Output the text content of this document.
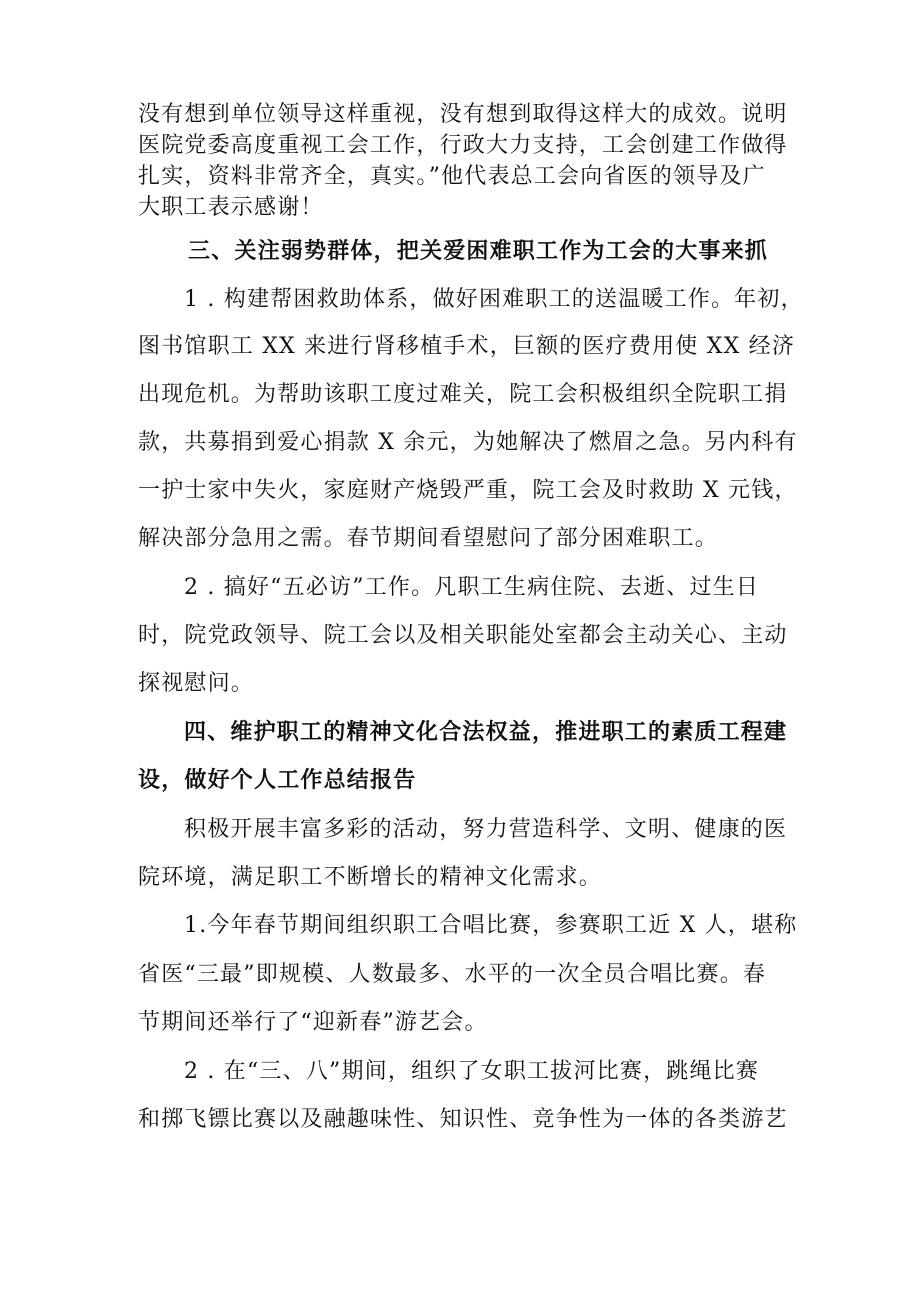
没有想到单位领导这样重视，没有想到取得这样大的成效。说明
医院党委高度重视工会工作，行政大力支持，工会创建工作做得
扎实，资料非常齐全，真实。”他代表总工会向省医的领导及广
大职工表示感谢！
三、关注弱势群体，把关爱困难职工作为工会的大事来抓
1 . 构建帮困救助体系，做好困难职工的送温暖工作。年初，
图书馆职工 XX 来进行肾移植手术，巨额的医疗费用使 XX 经济
出现危机。为帮助该职工度过难关，院工会积极组织全院职工捐
款，共募捐到爱心捐款 X 余元，为她解决了燃眉之急。另内科有
一护士家中失火，家庭财产烧毁严重，院工会及时救助 X 元钱，
解决部分急用之需。春节期间看望慰问了部分困难职工。
2 . 搞好“五必访”工作。凡职工生病住院、去逝、过生日
时，院党政领导、院工会以及相关职能处室都会主动关心、主动
探视慰问。
四、维护职工的精神文化合法权益，推进职工的素质工程建
设，做好个人工作总结报告
积极开展丰富多彩的活动，努力营造科学、文明、健康的医
院环境，满足职工不断增长的精神文化需求。
1.今年春节期间组织职工合唱比赛，参赛职工近 X 人，堪称
省医“三最”即规模、人数最多、水平的一次全员合唱比赛。春
节期间还举行了“迎新春”游艺会。
2 . 在“三、八”期间，组织了女职工拔河比赛，跳绳比赛
和掷飞镖比赛以及融趣味性、知识性、竞争性为一体的各类游艺
